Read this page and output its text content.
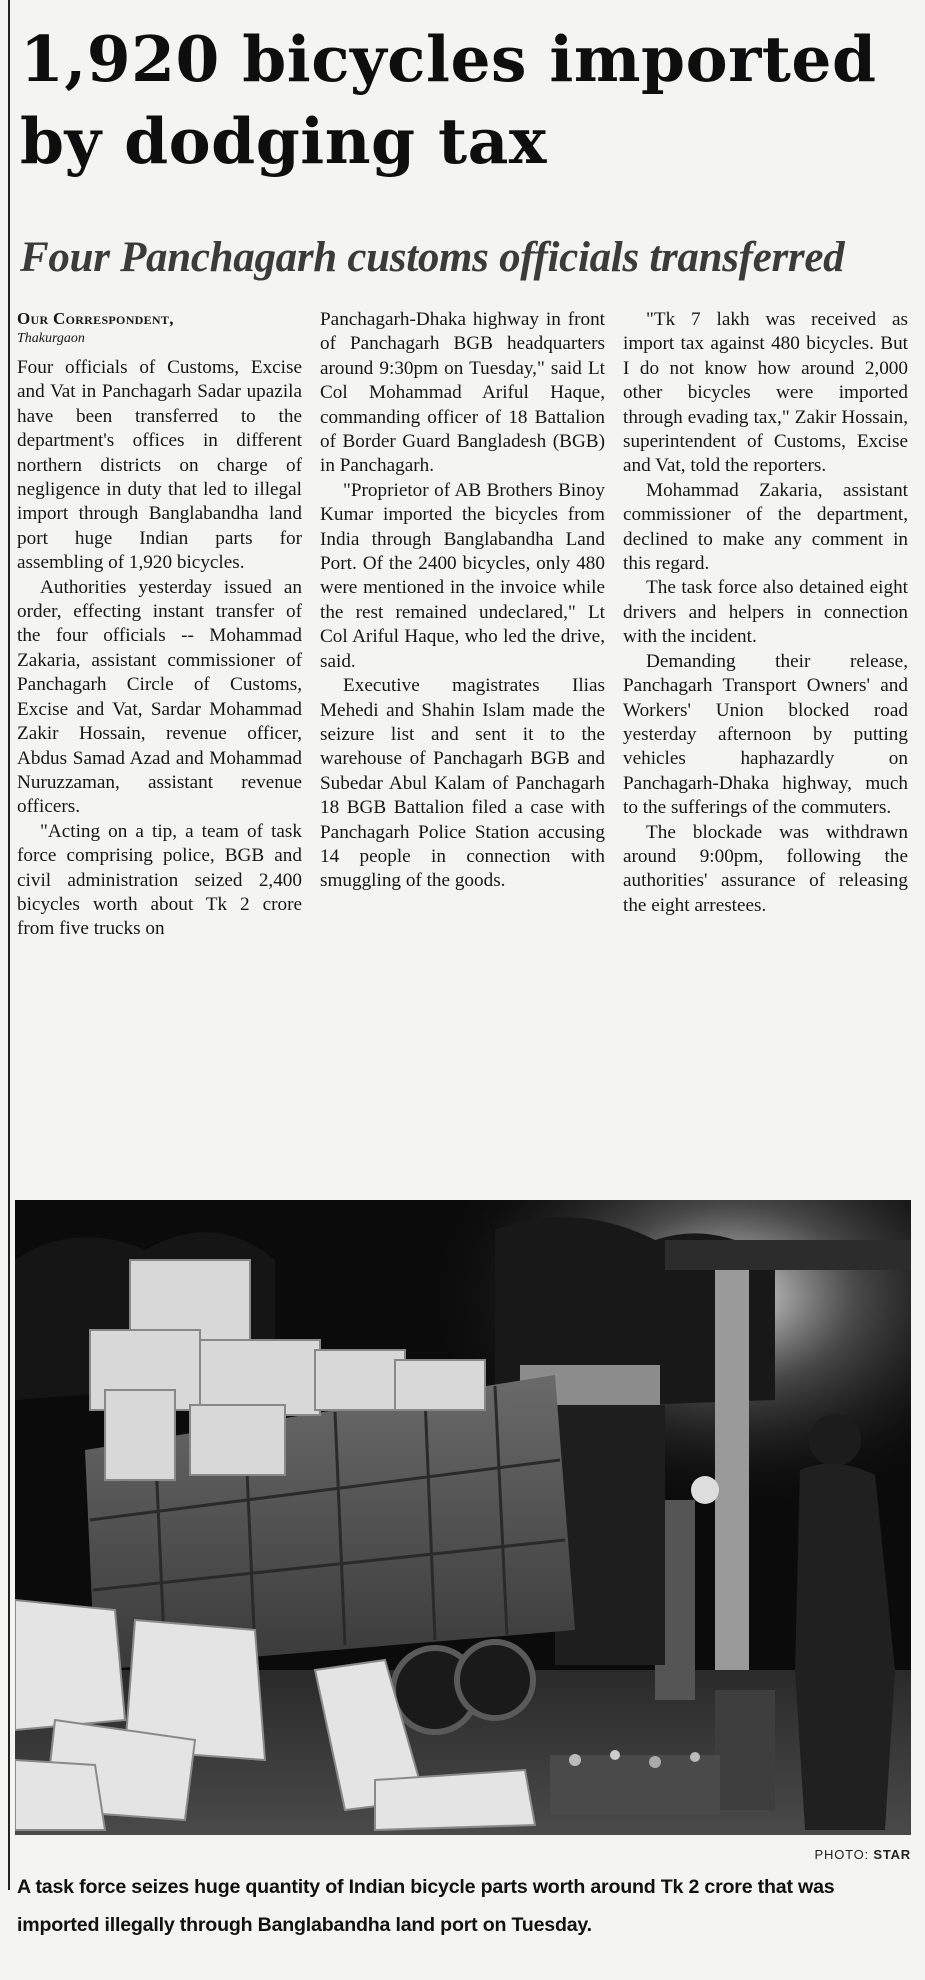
1,920 bicycles imported
by dodging tax
Four Panchagarh customs officials transferred
Our Correspondent,
Thakurgaon

Four officials of Customs, Excise and Vat in Panchagarh Sadar upazila have been transferred to the department's offices in different northern districts on charge of negligence in duty that led to illegal import through Banglabandha land port huge Indian parts for assembling of 1,920 bicycles.

Authorities yesterday issued an order, effecting instant transfer of the four officials -- Mohammad Zakaria, assistant commissioner of Panchagarh Circle of Customs, Excise and Vat, Sardar Mohammad Zakir Hossain, revenue officer, Abdus Samad Azad and Mohammad Nuruzzaman, assistant revenue officers.

"Acting on a tip, a team of task force comprising police, BGB and civil administration seized 2,400 bicycles worth about Tk 2 crore from five trucks on

Panchagarh-Dhaka highway in front of Panchagarh BGB headquarters around 9:30pm on Tuesday," said Lt Col Mohammad Ariful Haque, commanding officer of 18 Battalion of Border Guard Bangladesh (BGB) in Panchagarh.

"Proprietor of AB Brothers Binoy Kumar imported the bicycles from India through Banglabandha Land Port. Of the 2400 bicycles, only 480 were mentioned in the invoice while the rest remained undeclared," Lt Col Ariful Haque, who led the drive, said.

Executive magistrates Ilias Mehedi and Shahin Islam made the seizure list and sent it to the warehouse of Panchagarh BGB and Subedar Abul Kalam of Panchagarh 18 BGB Battalion filed a case with Panchagarh Police Station accusing 14 people in connection with smuggling of the goods.

"Tk 7 lakh was received as import tax against 480 bicycles. But I do not know how around 2,000 other bicycles were imported through evading tax," Zakir Hossain, superintendent of Customs, Excise and Vat, told the reporters.

Mohammad Zakaria, assistant commissioner of the department, declined to make any comment in this regard.

The task force also detained eight drivers and helpers in connection with the incident.

Demanding their release, Panchagarh Transport Owners' and Workers' Union blocked road yesterday afternoon by putting vehicles haphazardly on Panchagarh-Dhaka highway, much to the sufferings of the commuters.

The blockade was withdrawn around 9:00pm, following the authorities' assurance of releasing the eight arrestees.

PHOTO: STAR

A task force seizes huge quantity of Indian bicycle parts worth around Tk 2 crore that was imported illegally through Banglabandha land port on Tuesday.
